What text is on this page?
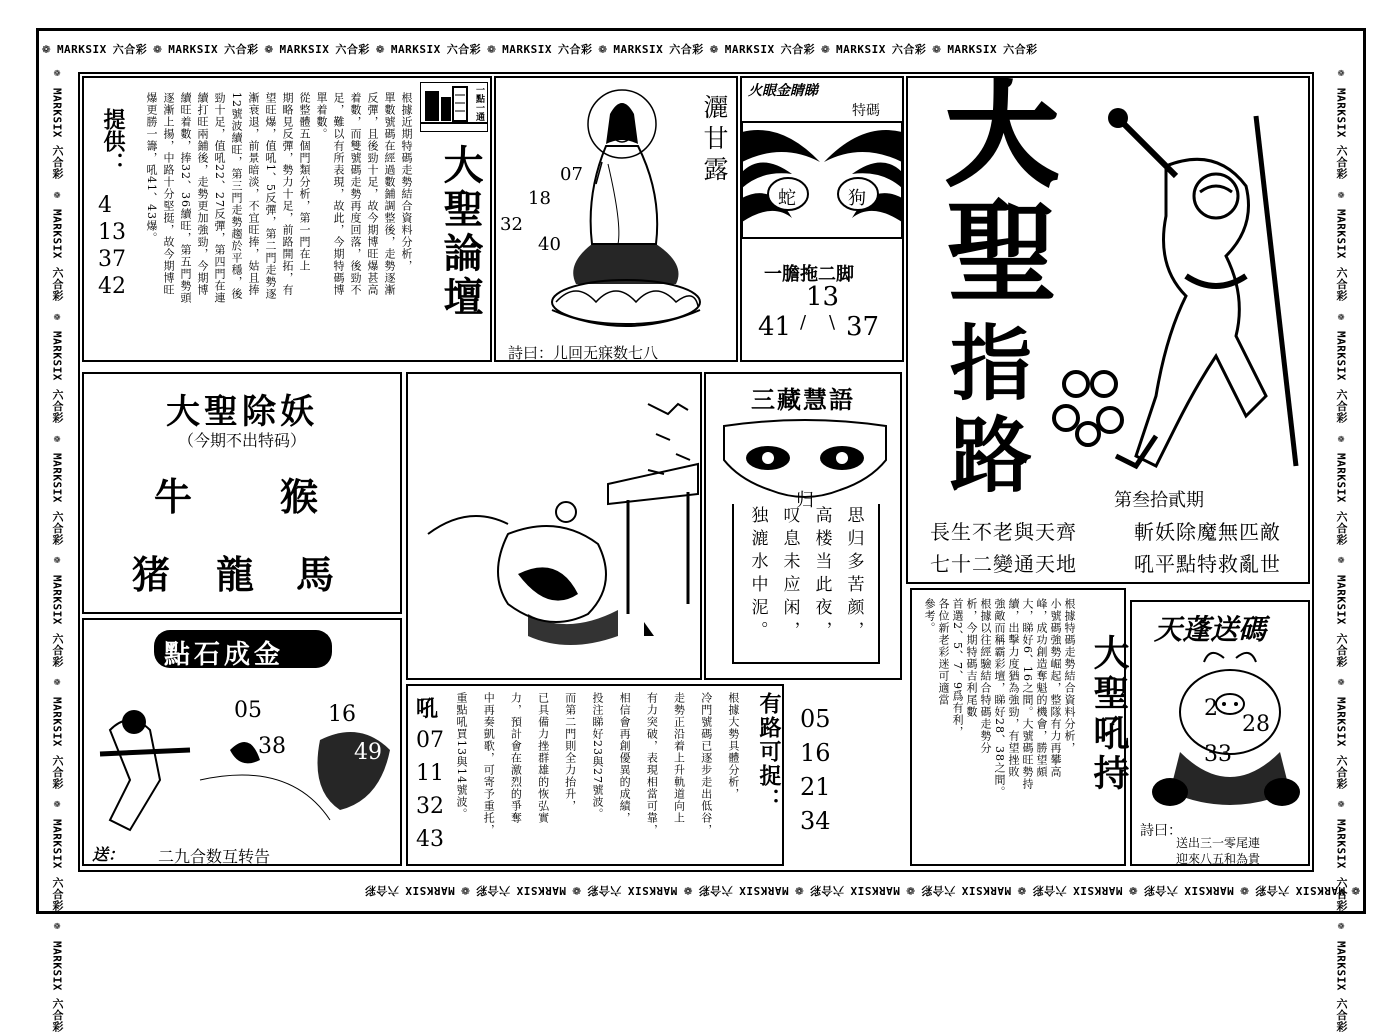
❁ MARKSIX 六合彩 ❁ MARKSIX 六合彩 ❁ MARKSIX 六合彩 ❁ MARKSIX 六合彩 ❁ MARKSIX 六合彩 ❁ MARKSIX 六合彩 ❁ MARKSIX 六合彩 ❁ MARKSIX 六合彩 ❁ MARKSIX 六合彩
❁
MARKSIX
六合彩
❁
MARKSIX
六合彩
❁
MARKSIX
六合彩
❁
MARKSIX
六合彩
❁
MARKSIX
六合彩
❁
MARKSIX
六合彩
❁
MARKSIX
六合彩
❁
MARKSIX
六合彩
❁
MARKSIX
六合彩
❁
MARKSIX
六合彩
❁
MARKSIX
六合彩
❁
MARKSIX
六合彩
❁
MARKSIX
六合彩
❁
MARKSIX
六合彩
❁
MARKSIX
六合彩
❁
MARKSIX
六合彩
❁
MARKSIX
六合彩
❁
MARKSIX
六合彩
❁
MARKSIX
六合彩
❁
MARKSIX
六合彩
❁
MARKSIX
六合彩
❁
MARKSIX
六合彩
❁
MARKSIX
六合彩
❁
MARKSIX
六合彩
❁
MARKSIX
六合彩
提供：
4
13
37
42
根據近期特碼走勢結合資料分析，
單數號碼在經過數鋪調整後，走勢逐漸
反彈，且後勁十足，故今期博旺爆甚高
着數，而雙號碼走勢再度回落，後勁不
足，難以有所表現，故此，今期特碼博
單着數。
從整體五個門類分析，第一門在上
期略見反彈，勢力十足，前路開拓，有
望旺爆，值吼1、5反彈，第二門走勢逐
漸衰退，前景暗淡，不宜旺捧，姑且捧
12號波續旺，第三門走勢趨於平穩，後
勁十足，值吼22、27反彈，第四門在連
續打旺兩鋪後，走勢更加強勁，今期博
續旺着數，捧32、36續旺，第五門勢頭
逐漸上揚，中路十分堅挺，故今期博旺
爆更勝一籌，吼41、43爆。	一點一通
大聖論壇	07
18
32
40
灑甘露
詩曰：儿回无寐数七八
火眼金睛睇
特碼
蛇	狗
一膽拖二脚
13
41 /    \ 37
大
聖
指
路	第叁拾貳期
長生不老與天齊	斬妖除魔無匹敵
七十二變通天地	吼平點特救亂世
大聖除妖
（今期不出特码）
牛 猴
猪 龍 馬
三藏慧語
归
思归多苦颜，
高楼当此夜，
叹息未应闲，
独漉水中泥。
點石成金
05
38
16
49
送： 二九合数互转告
吼
07
11
32
43
根據大勢具體分析，
冷門號碼已逐步走出低谷，
走勢正沿着上升軌道向上
有力突破，表現相當可靠，
相信會再創優異的成績，
投注睇好23與27號波。
而第二門則全力抬升，
已具備力挫群雄的恢弘實
力，預計會在激烈的爭奪
中再奏凱歌，可寄予重托，
重點吼買13與14號波。	有路可捉： 05
16
21
34
根據特碼走勢結合資料分析，
小號碼強勢崛起，整隊有力再攀高
峰，成功創造奪魁的機會，勝望頗
大，睇好6、16之間。大號碼旺勢持
續，出擊力度猶為強勁，有望挫敗
強敵而稱霸彩壇，睇好28、38之間。
根據以往經驗結合特碼走勢分
析，今期特碼吉利尾數
首選2、5、7、9爲有利，
各位新老彩迷可適當
參考。
大聖吼持
天蓬送碼
2
28
33
詩曰：
送出三一零尾連
迎來八五和為貴
